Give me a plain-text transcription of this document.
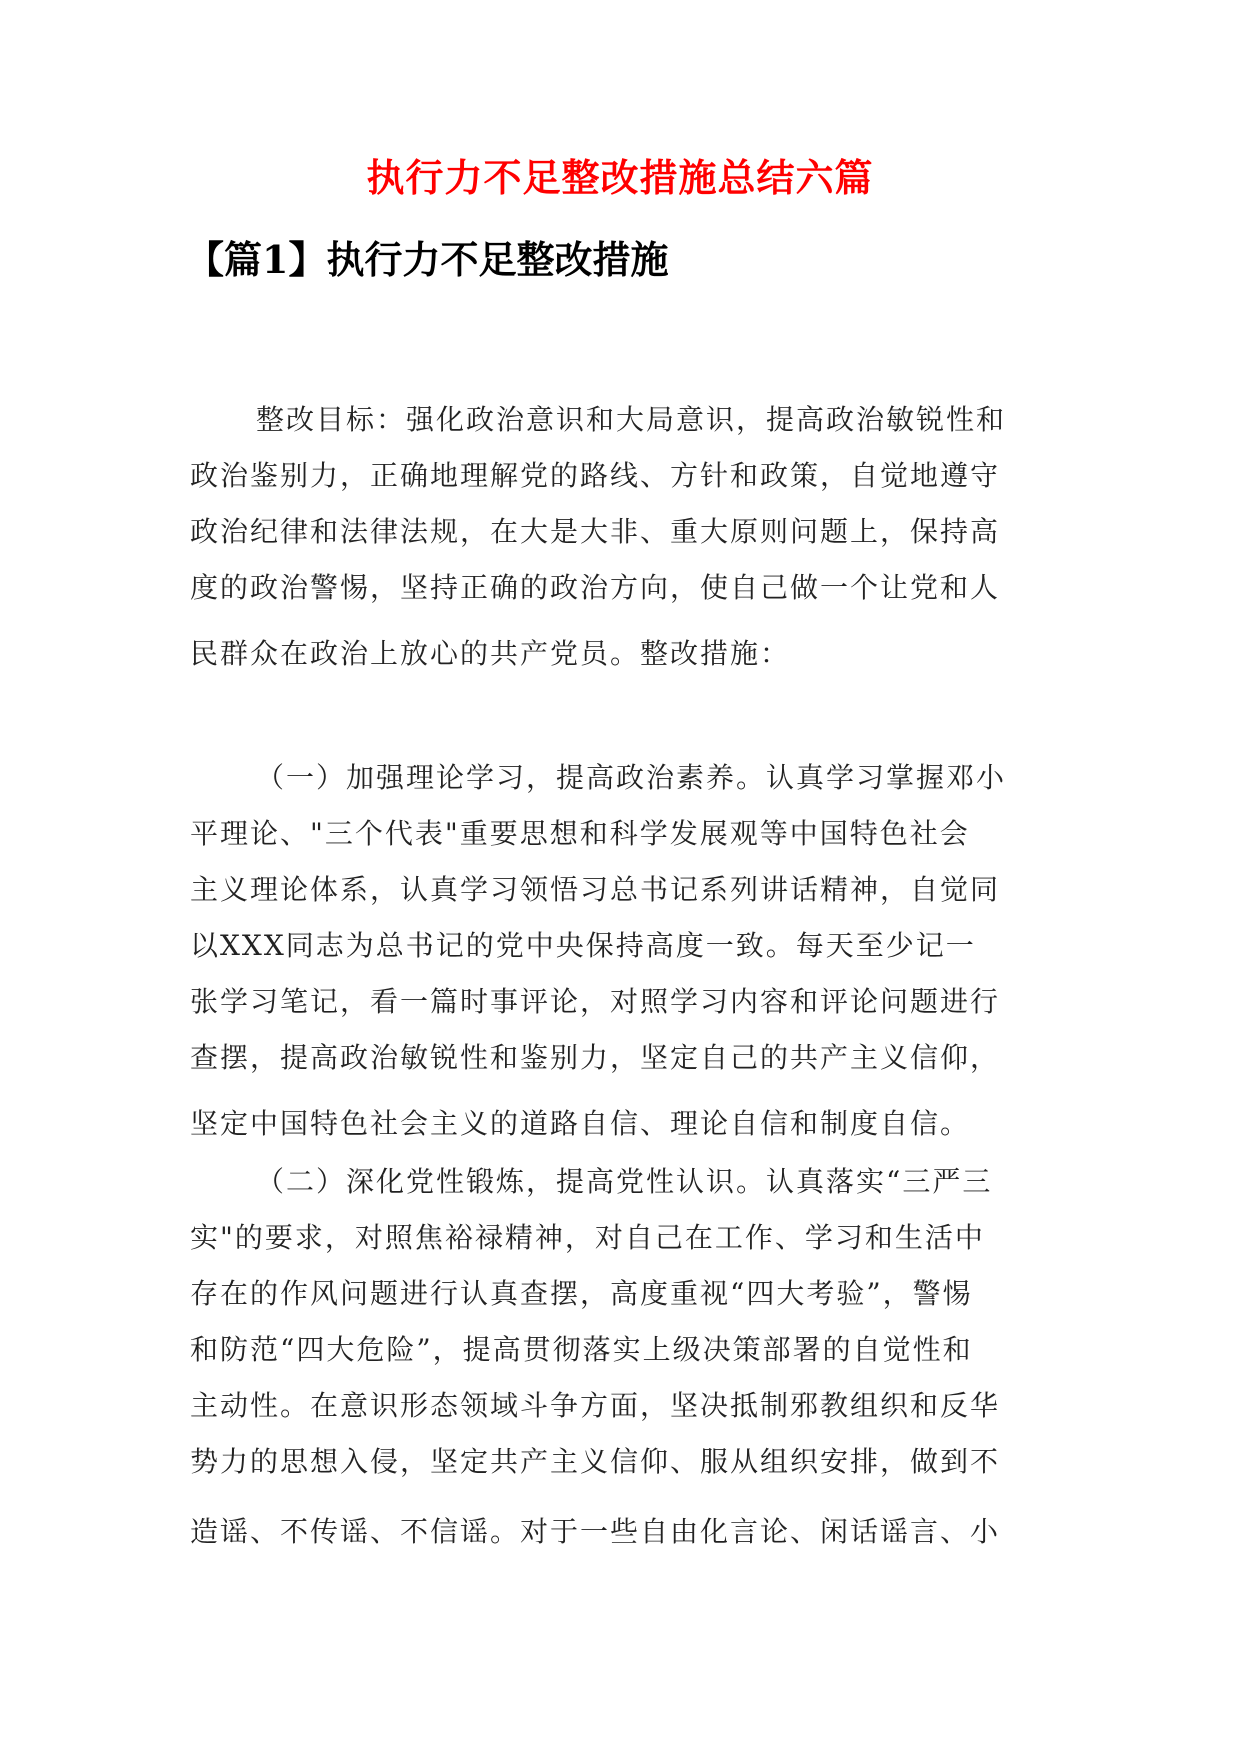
执行力不足整改措施总结六篇
【篇1】执行力不足整改措施
整改目标：强化政治意识和大局意识，提高政治敏锐性和
政治鉴别力，正确地理解党的路线、方针和政策，自觉地遵守
政治纪律和法律法规，在大是大非、重大原则问题上，保持高
度的政治警惕，坚持正确的政治方向，使自己做一个让党和人
民群众在政治上放心的共产党员。整改措施：
（一）加强理论学习，提高政治素养。认真学习掌握邓小
平理论、"三个代表"重要思想和科学发展观等中国特色社会
主义理论体系，认真学习领悟习总书记系列讲话精神，自觉同
以XXX同志为总书记的党中央保持高度一致。每天至少记一
张学习笔记，看一篇时事评论，对照学习内容和评论问题进行
查摆，提高政治敏锐性和鉴别力，坚定自己的共产主义信仰，
坚定中国特色社会主义的道路自信、理论自信和制度自信。
（二）深化党性锻炼，提高党性认识。认真落实“三严三
实"的要求，对照焦裕禄精神，对自己在工作、学习和生活中
存在的作风问题进行认真查摆，高度重视“四大考验”，警惕
和防范“四大危险”，提高贯彻落实上级决策部署的自觉性和
主动性。在意识形态领域斗争方面，坚决抵制邪教组织和反华
势力的思想入侵，坚定共产主义信仰、服从组织安排，做到不
造谣、不传谣、不信谣。对于一些自由化言论、闲话谣言、小
